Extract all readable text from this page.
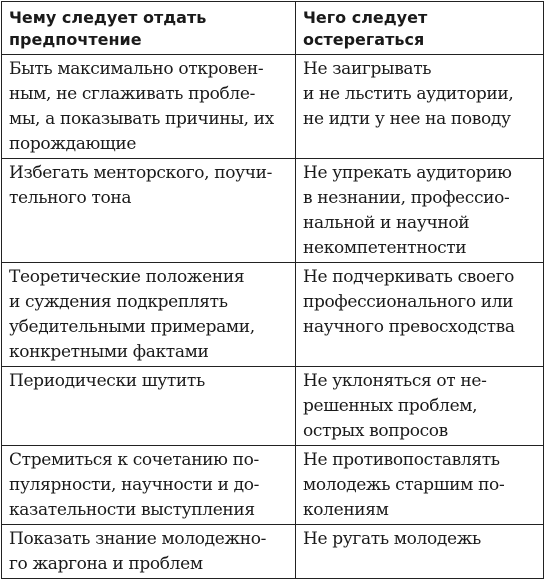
Чему следует отдать
предпочтение	Чего следует
остерегаться

Быть максимально откровен-
ным, не сглаживать пробле-
мы, а показывать причины, их
порождающие	Не заигрывать
и не льстить аудитории,
не идти у нее на поводу

Избегать менторского, поучи-
тельного тона	Не упрекать аудиторию
в незнании, профессио-
нальной и научной
некомпетентности

Теоретические положения
и суждения подкреплять
убедительными примерами,
конкретными фактами	Не подчеркивать своего
профессионального или
научного превосходства

Периодически шутить	Не уклоняться от не-
решенных проблем,
острых вопросов

Стремиться к сочетанию по-
пулярности, научности и до-
казательности выступления	Не противопоставлять
молодежь старшим по-
колениям

Показать знание молодежно-
го жаргона и проблем	Не ругать молодежь
